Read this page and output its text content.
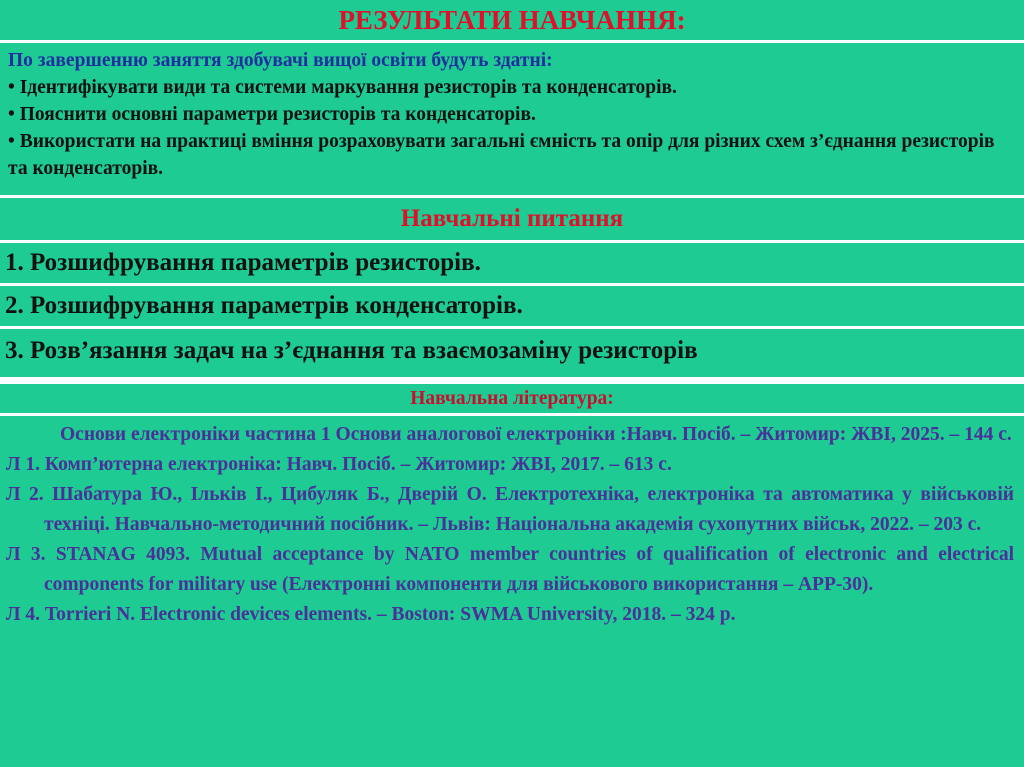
РЕЗУЛЬТАТИ НАВЧАННЯ:
По завершенню заняття здобувачі вищої освіти будуть здатні:
• Ідентифікувати види та системи маркування резисторів та конденсаторів.
• Пояснити основні параметри резисторів та конденсаторів.
• Використати на практиці вміння розраховувати загальні ємність та опір для різних схем з’єднання резисторів та конденсаторів.
Навчальні питання
1. Розшифрування параметрів резисторів.
2. Розшифрування параметрів конденсаторів.
3. Розв’язання задач на з’єднання та взаємозаміну резисторів
Навчальна література:

Основи електроніки частина 1 Основи аналогової електроніки :Навч. Посіб. – Житомир: ЖВІ, 2025. – 144 с.

Л 1. Комп’ютерна електроніка: Навч. Посіб. – Житомир: ЖВІ, 2017. – 613 с.

Л 2. Шабатура Ю., Ільків І., Цибуляк Б., Дверій О. Електротехніка, електроніка та автоматика у військовій техніці. Навчально-методичний посібник. – Львів: Національна академія сухопутних військ, 2022. – 203 с.

Л 3. STANAG 4093. Mutual acceptance by NATO member countries of qualification of electronic and electrical components for military use (Електронні компоненти для військового використання – AРР-30).

Л 4. Torrieri N. Electronic devices elements. – Boston: SWMA University, 2018. – 324 p.
